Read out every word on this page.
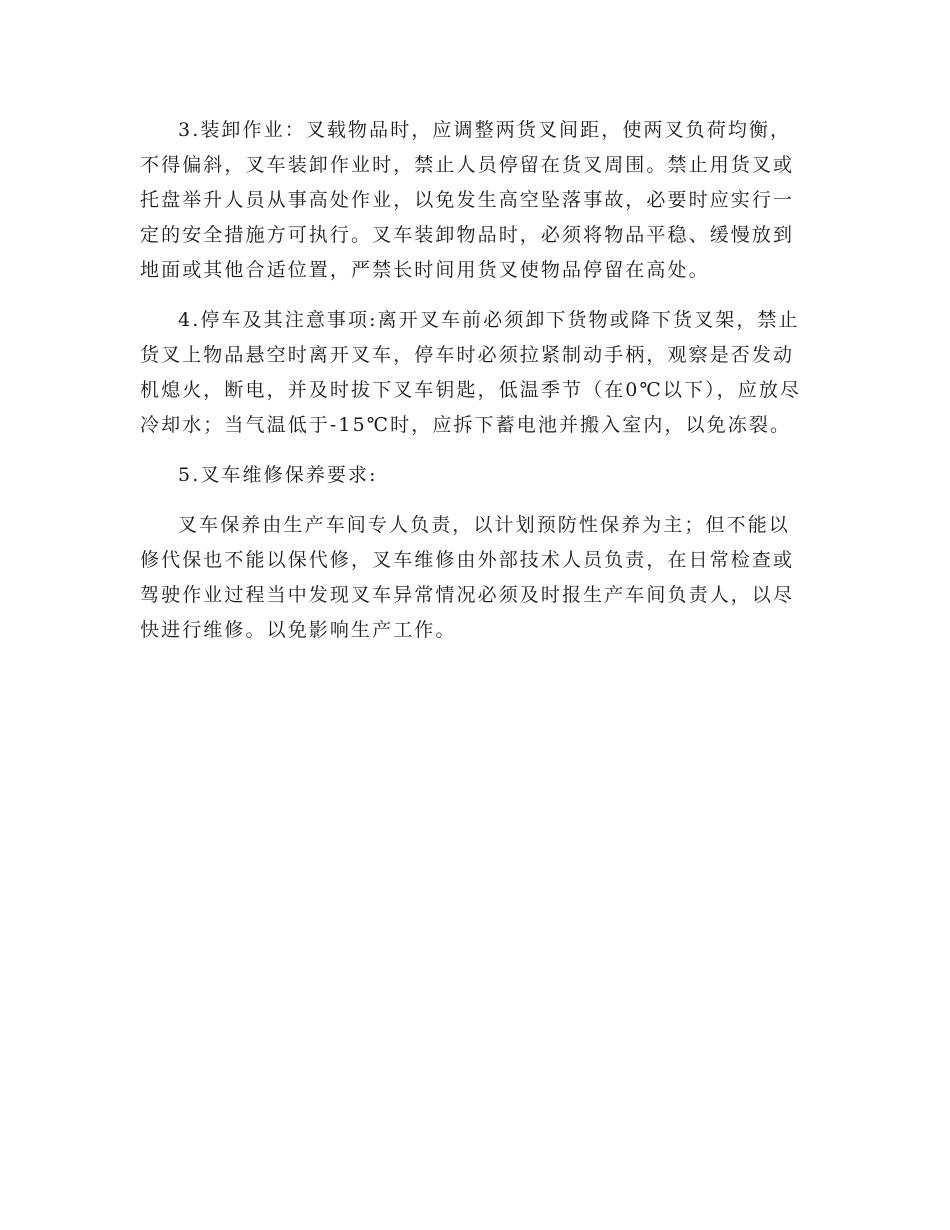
3.装卸作业：叉载物品时，应调整两货叉间距，使两叉负荷均衡，不得偏斜，叉车装卸作业时，禁止人员停留在货叉周围。禁止用货叉或托盘举升人员从事高处作业，以免发生高空坠落事故，必要时应实行一定的安全措施方可执行。叉车装卸物品时，必须将物品平稳、缓慢放到地面或其他合适位置，严禁长时间用货叉使物品停留在高处。

4.停车及其注意事项:离开叉车前必须卸下货物或降下货叉架，禁止货叉上物品悬空时离开叉车，停车时必须拉紧制动手柄，观察是否发动机熄火，断电，并及时拔下叉车钥匙，低温季节（在0℃以下），应放尽冷却水；当气温低于-15℃时，应拆下蓄电池并搬入室内，以免冻裂。

5.叉车维修保养要求:

叉车保养由生产车间专人负责，以计划预防性保养为主；但不能以修代保也不能以保代修，叉车维修由外部技术人员负责，在日常检查或驾驶作业过程当中发现叉车异常情况必须及时报生产车间负责人，以尽快进行维修。以免影响生产工作。
